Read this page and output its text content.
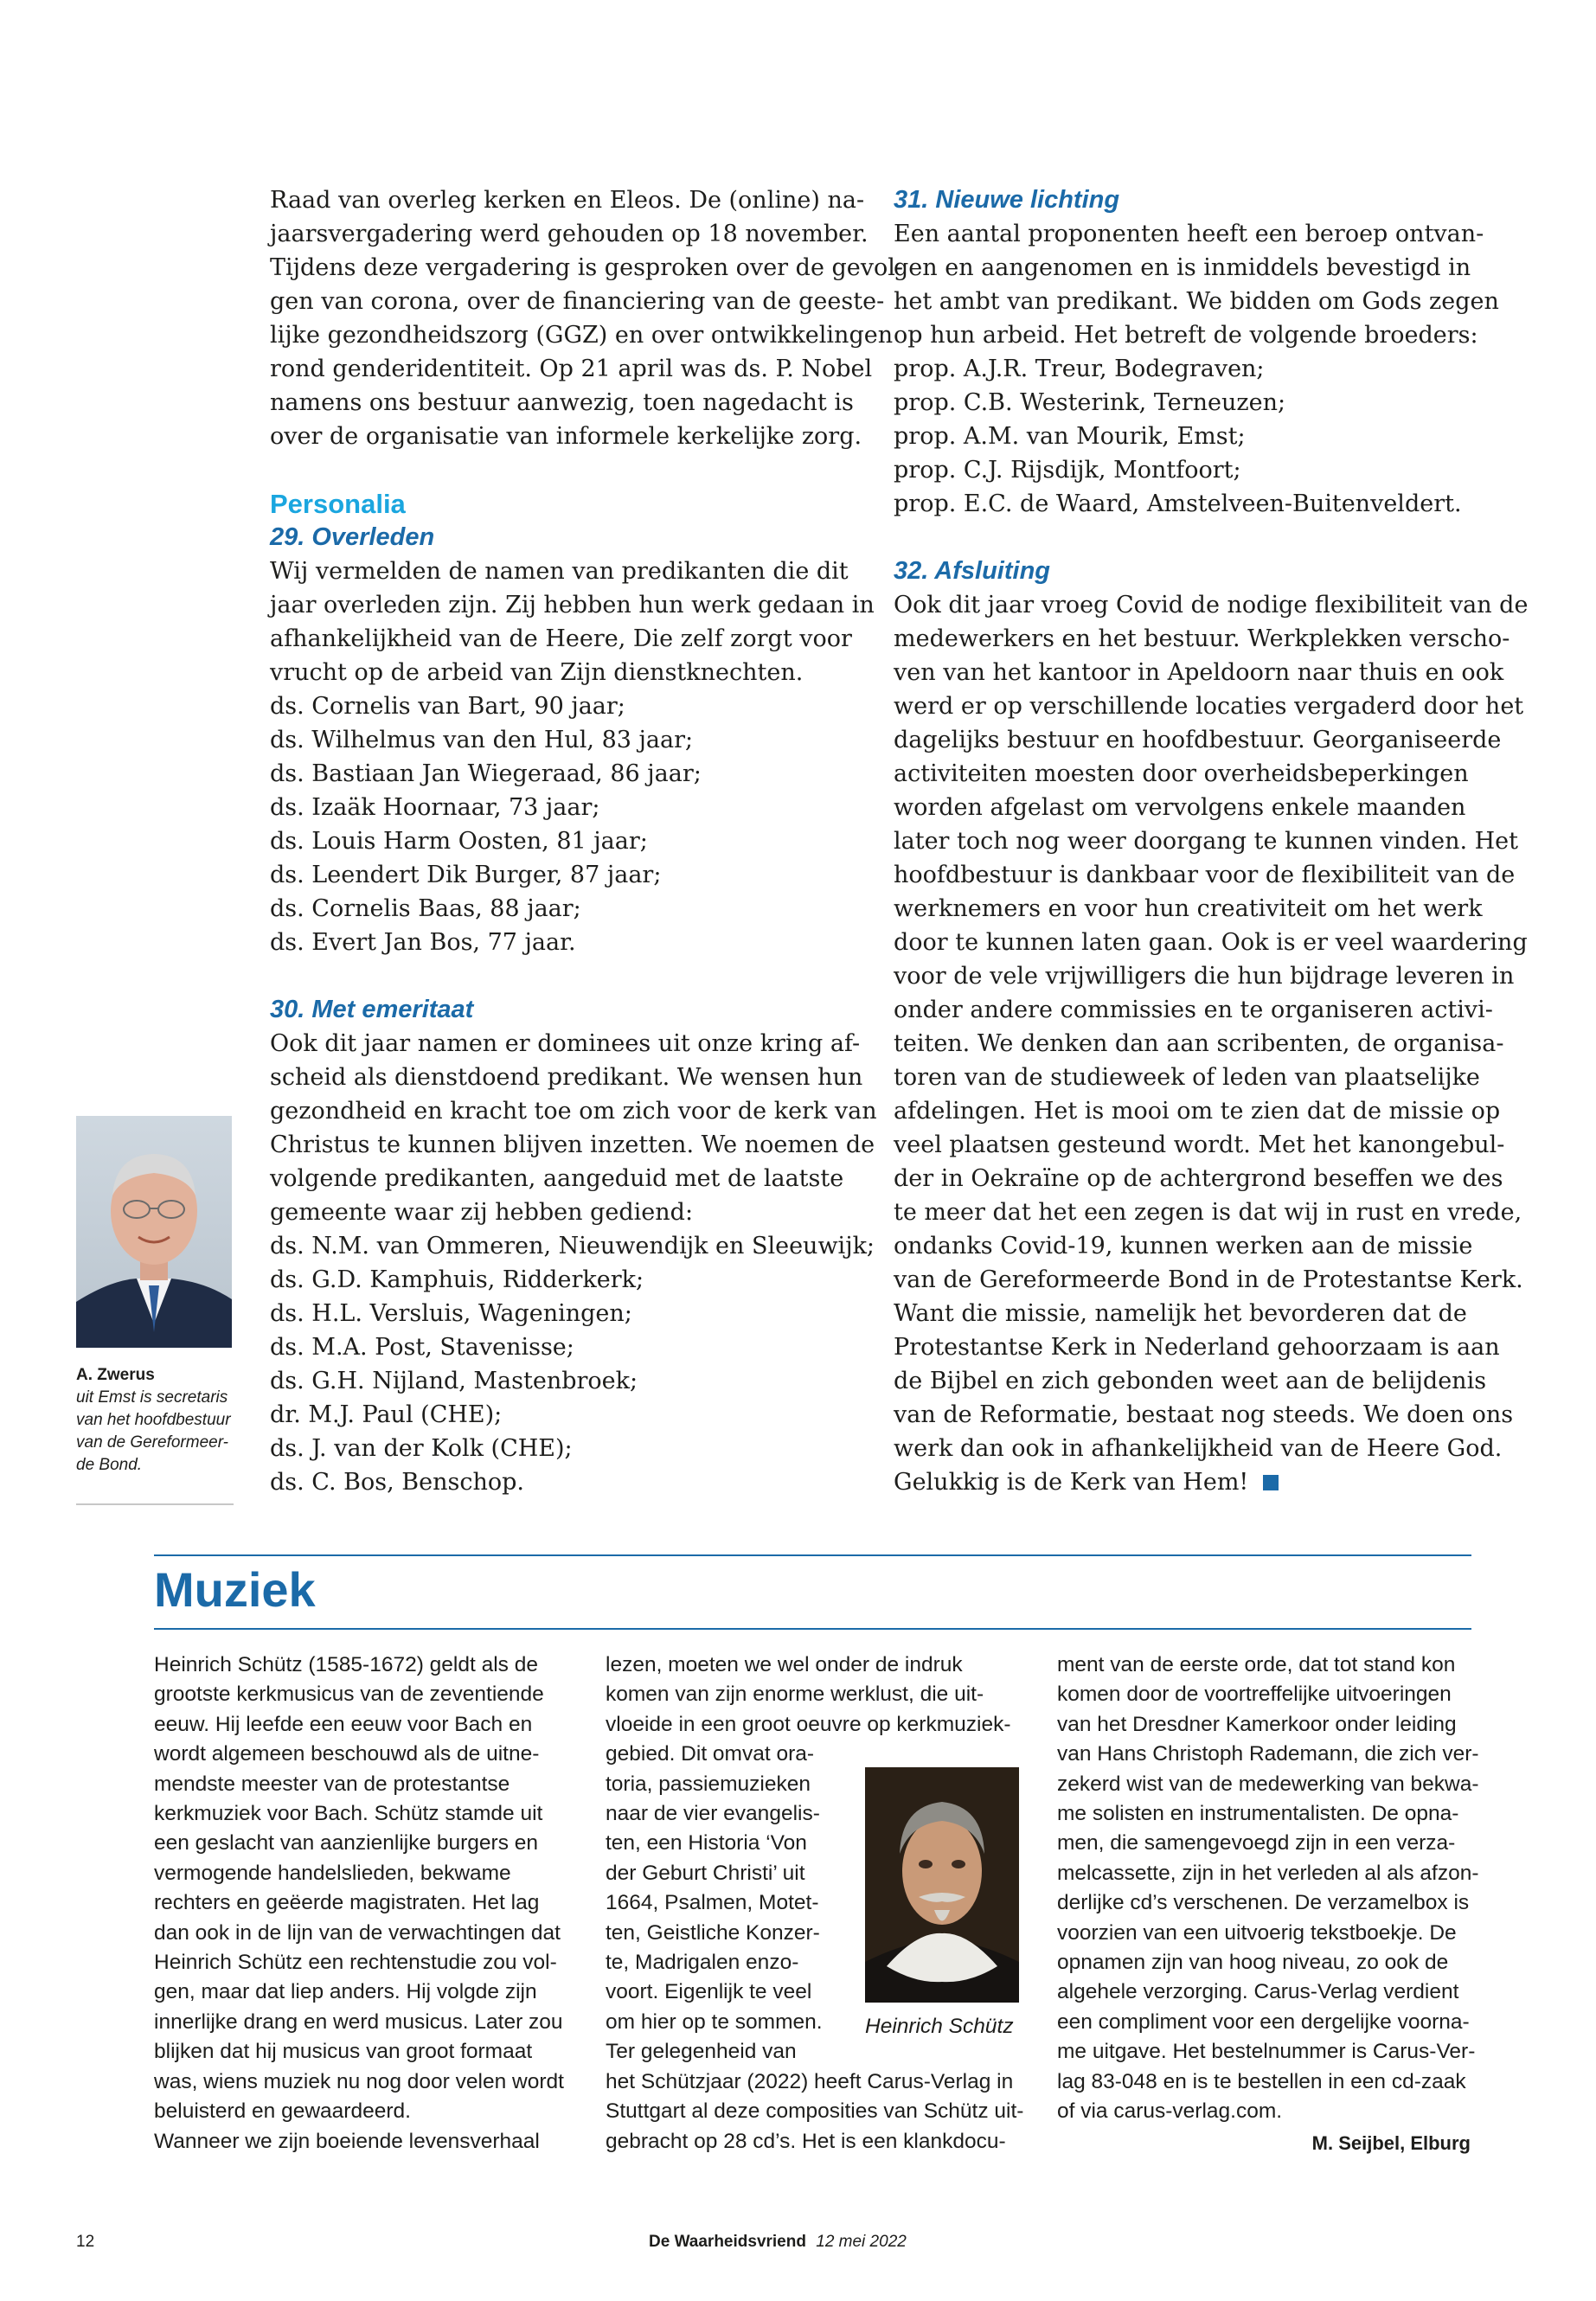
Raad van overleg kerken en Eleos. De (online) na-
jaarsvergadering werd gehouden op 18 november.
Tijdens deze vergadering is gesproken over de gevol-
gen van corona, over de financiering van de geeste-
lijke gezondheidszorg (GGZ) en over ontwikkelingen
rond genderidentiteit. Op 21 april was ds. P. Nobel
namens ons bestuur aanwezig, toen nagedacht is
over de organisatie van informele kerkelijke zorg.
Personalia
29. Overleden
Wij vermelden de namen van predikanten die dit
jaar overleden zijn. Zij hebben hun werk gedaan in
afhankelijkheid van de Heere, Die zelf zorgt voor
vrucht op de arbeid van Zijn dienstknechten.
ds. Cornelis van Bart, 90 jaar;
ds. Wilhelmus van den Hul, 83 jaar;
ds. Bastiaan Jan Wiegeraad, 86 jaar;
ds. Izaäk Hoornaar, 73 jaar;
ds. Louis Harm Oosten, 81 jaar;
ds. Leendert Dik Burger, 87 jaar;
ds. Cornelis Baas, 88 jaar;
ds. Evert Jan Bos, 77 jaar.
30. Met emeritaat
Ook dit jaar namen er dominees uit onze kring af-
scheid als dienstdoend predikant. We wensen hun
gezondheid en kracht toe om zich voor de kerk van
Christus te kunnen blijven inzetten. We noemen de
volgende predikanten, aangeduid met de laatste
gemeente waar zij hebben gediend:
ds. N.M. van Ommeren, Nieuwendijk en Sleeuwijk;
ds. G.D. Kamphuis, Ridderkerk;
ds. H.L. Versluis, Wageningen;
ds. M.A. Post, Stavenisse;
ds. G.H. Nijland, Mastenbroek;
dr. M.J. Paul (CHE);
ds. J. van der Kolk (CHE);
ds. C. Bos, Benschop.
31. Nieuwe lichting
Een aantal proponenten heeft een beroep ontvan-
gen en aangenomen en is inmiddels bevestigd in
het ambt van predikant. We bidden om Gods zegen
op hun arbeid. Het betreft de volgende broeders:
prop. A.J.R. Treur, Bodegraven;
prop. C.B. Westerink, Terneuzen;
prop. A.M. van Mourik, Emst;
prop. C.J. Rijsdijk, Montfoort;
prop. E.C. de Waard, Amstelveen-Buitenveldert.
32. Afsluiting
Ook dit jaar vroeg Covid de nodige flexibiliteit van de
medewerkers en het bestuur. Werkplekken verscho-
ven van het kantoor in Apeldoorn naar thuis en ook
werd er op verschillende locaties vergaderd door het
dagelijks bestuur en hoofdbestuur. Georganiseerde
activiteiten moesten door overheidsbeperkingen
worden afgelast om vervolgens enkele maanden
later toch nog weer doorgang te kunnen vinden. Het
hoofdbestuur is dankbaar voor de flexibiliteit van de
werknemers en voor hun creativiteit om het werk
door te kunnen laten gaan. Ook is er veel waardering
voor de vele vrijwilligers die hun bijdrage leveren in
onder andere commissies en te organiseren activi-
teiten. We denken dan aan scribenten, de organisa-
toren van de studieweek of leden van plaatselijke
afdelingen. Het is mooi om te zien dat de missie op
veel plaatsen gesteund wordt. Met het kanongebul-
der in Oekraïne op de achtergrond beseffen we des
te meer dat het een zegen is dat wij in rust en vrede,
ondanks Covid-19, kunnen werken aan de missie
van de Gereformeerde Bond in de Protestantse Kerk.
Want die missie, namelijk het bevorderen dat de
Protestantse Kerk in Nederland gehoorzaam is aan
de Bijbel en zich gebonden weet aan de belijdenis
van de Reformatie, bestaat nog steeds. We doen ons
werk dan ook in afhankelijkheid van de Heere God.
Gelukkig is de Kerk van Hem!
A. Zwerus
uit Emst is secretaris
van het hoofdbestuur
van de Gereformeer-
de Bond.
Muziek
Heinrich Schütz (1585-1672) geldt als de
grootste kerkmusicus van de zeventiende
eeuw. Hij leefde een eeuw voor Bach en
wordt algemeen beschouwd als de uitne-
mendste meester van de protestantse
kerkmuziek voor Bach. Schütz stamde uit
een geslacht van aanzienlijke burgers en
vermogende handelslieden, bekwame
rechters en geëerde magistraten. Het lag
dan ook in de lijn van de verwachtingen dat
Heinrich Schütz een rechtenstudie zou vol-
gen, maar dat liep anders. Hij volgde zijn
innerlijke drang en werd musicus. Later zou
blijken dat hij musicus van groot formaat
was, wiens muziek nu nog door velen wordt
beluisterd en gewaardeerd.
Wanneer we zijn boeiende levensverhaal
lezen, moeten we wel onder de indruk
komen van zijn enorme werklust, die uit-
vloeide in een groot oeuvre op kerkmuziek-
gebied. Dit omvat ora-
toria, passiemuzieken
naar de vier evangelis-
ten, een Historia ‘Von
der Geburt Christi’ uit
1664, Psalmen, Motet-
ten, Geistliche Konzer-
te, Madrigalen enzo-
voort. Eigenlijk te veel
om hier op te sommen.
Ter gelegenheid van
het Schützjaar (2022) heeft Carus-Verlag in
Stuttgart al deze composities van Schütz uit-
gebracht op 28 cd’s. Het is een klankdocu-
ment van de eerste orde, dat tot stand kon
komen door de voortreffelijke uitvoeringen
van het Dresdner Kamerkoor onder leiding
van Hans Christoph Rademann, die zich ver-
zekerd wist van de medewerking van bekwa-
me solisten en instrumentalisten. De opna-
men, die samengevoegd zijn in een verza-
melcassette, zijn in het verleden al als afzon-
derlijke cd’s verschenen. De verzamelbox is
voorzien van een uitvoerig tekstboekje. De
opnamen zijn van hoog niveau, zo ook de
algehele verzorging. Carus-Verlag verdient
een compliment voor een dergelijke voorna-
me uitgave. Het bestelnummer is Carus-Ver-
lag 83-048 en is te bestellen in een cd-zaak
of via carus-verlag.com.
Heinrich Schütz
M. Seijbel, Elburg
12	De Waarheidsvriend 12 mei 2022
